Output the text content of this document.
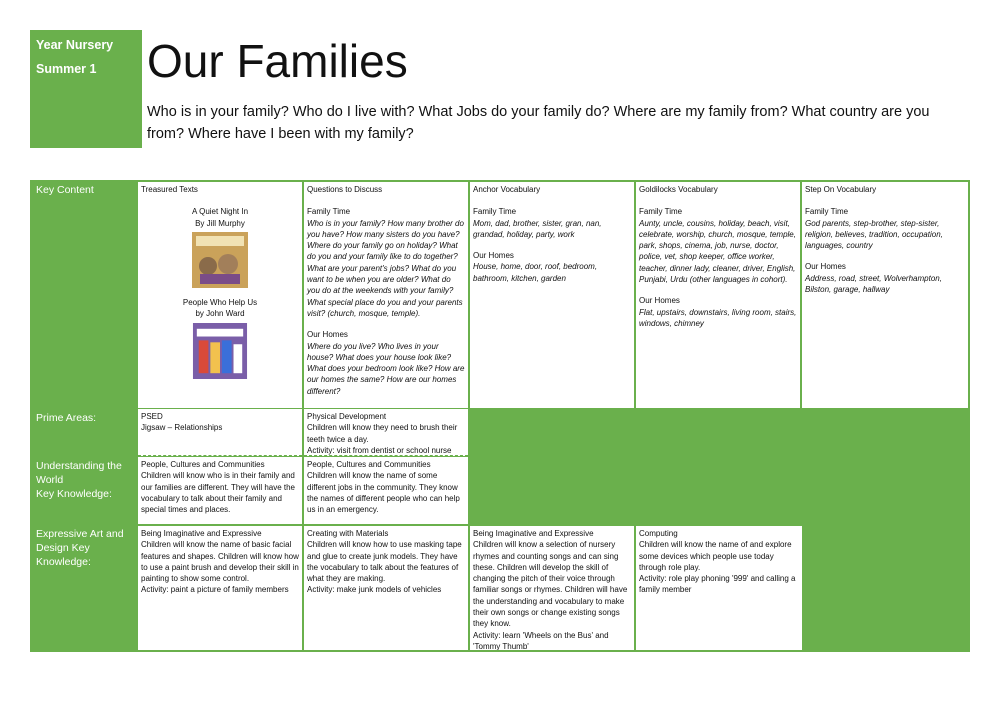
Year Nursery
Summer 1 Our Families
Who is in your family? Who do I live with? What Jobs do your family do? Where are my family from? What country are you from? Where have I been with my family?
Key Content
Prime Areas:
Understanding the World
Key Knowledge:
Expressive Art and Design Key Knowledge:
Treasured Texts
A Quiet Night In
By Jill Murphy
People Who Help Us
by John Ward
Questions to Discuss
Family Time
Who is in your family? How many brother do you have? How many sisters do you have? Where do your family go on holiday? What do you and your family like to do together? What are your parent's jobs? What do you want to be when you are older? What do you do at the weekends with your family? What special place do you and your parents visit? (church, mosque, temple).
Our Homes
Where do you live? Who lives in your house? What does your house look like? What does your bedroom look like? How are our homes the same? How are our homes different?
Anchor Vocabulary
Family Time
Mom, dad, brother, sister, gran, nan, grandad, holiday, party, work
Our Homes
House, home, door, roof, bedroom, bathroom, kitchen, garden
Goldilocks Vocabulary
Family Time
Aunty, uncle, cousins, holiday, beach, visit, celebrate, worship, church, mosque, temple, park, shops, cinema, job, nurse, doctor, police, vet, shop keeper, office worker, teacher, dinner lady, cleaner, driver, English, Punjabi, Urdu (other languages in cohort).
Our Homes
Flat, upstairs, downstairs, living room, stairs, windows, chimney
Step On Vocabulary
Family Time
God parents, step-brother, step-sister, religion, believes, tradition, occupation, languages, country
Our Homes
Address, road, street, Wolverhampton, Bilston, garage, hallway
PSED
Jigsaw – Relationships
Physical Development
Children will know they need to brush their teeth twice a day.
Activity: visit from dentist or school nurse
People, Cultures and Communities
Children will know who is in their family and our families are different. They will have the vocabulary to talk about their family and special times and places.
People, Cultures and Communities
Children will know the name of some different jobs in the community. They know the names of different people who can help us in an emergency.
Being Imaginative and Expressive
Children will know the name of basic facial features and shapes. Children will know how to use a paint brush and develop their skill in painting to show some control.
Activity: paint a picture of family members
Creating with Materials
Children will know how to use masking tape and glue to create junk models. They have the vocabulary to talk about the features of what they are making.
Activity: make junk models of vehicles
Being Imaginative and Expressive
Children will know a selection of nursery rhymes and counting songs and can sing these. Children will develop the skill of changing the pitch of their voice through familiar songs or rhymes. Children will have the understanding and vocabulary to make their own songs or change existing songs they know.
Activity: learn 'Wheels on the Bus' and 'Tommy Thumb'
Computing
Children will know the name of and explore some devices which people use today through role play.
Activity: role play phoning '999' and calling a family member
